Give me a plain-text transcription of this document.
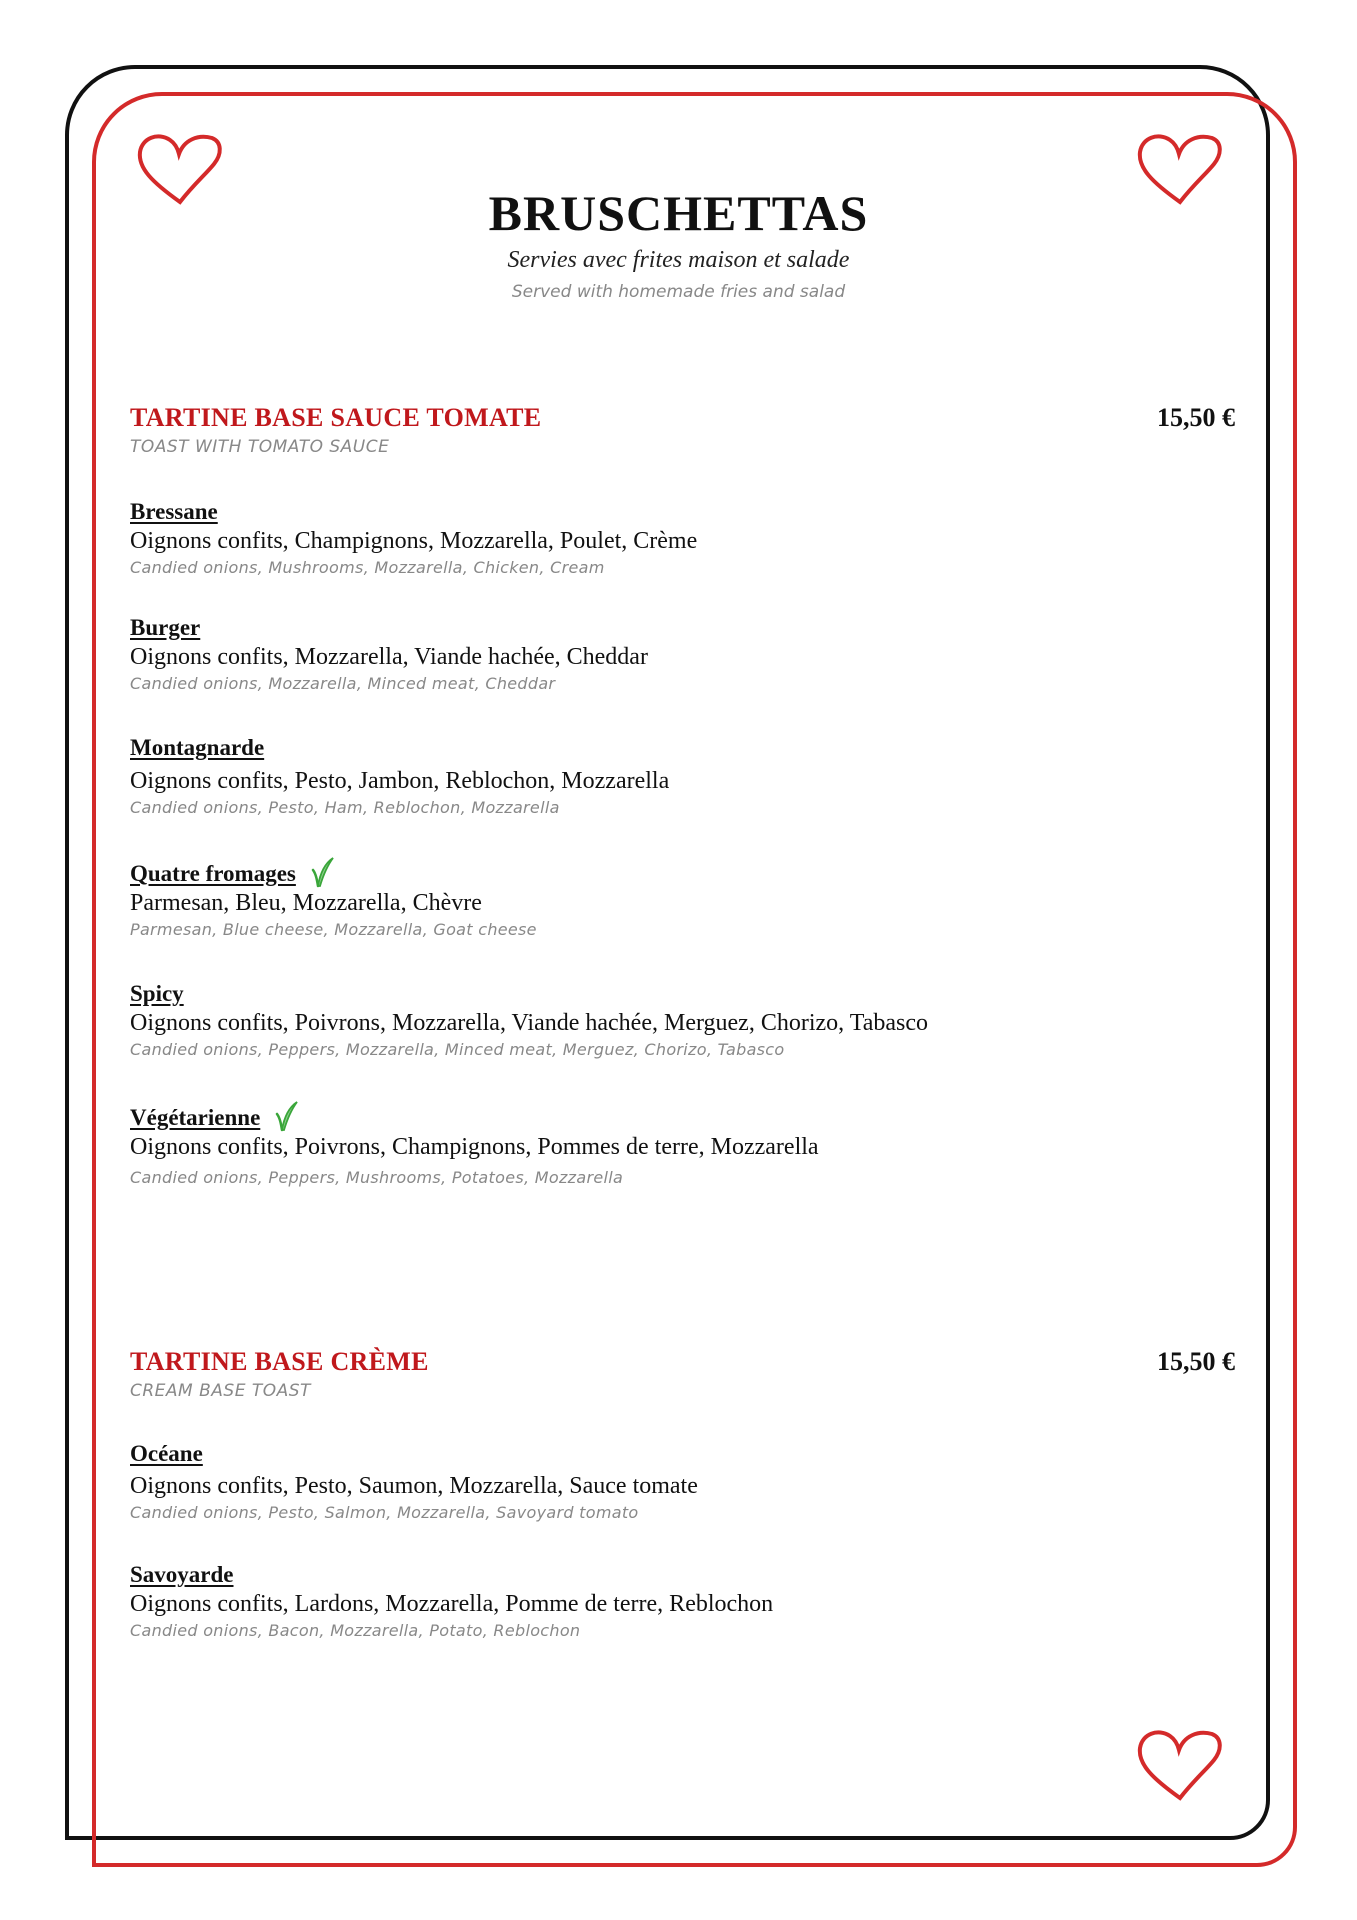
BRUSCHETTAS
Servies avec frites maison et salade
Served with homemade fries and salad
TARTINE BASE SAUCE TOMATE	15,50 €
TOAST WITH TOMATO SAUCE
Bressane
Oignons confits, Champignons, Mozzarella, Poulet, Crème
Candied onions, Mushrooms, Mozzarella, Chicken, Cream
Burger
Oignons confits, Mozzarella, Viande hachée, Cheddar
Candied onions, Mozzarella, Minced meat, Cheddar
Montagnarde
Oignons confits, Pesto, Jambon, Reblochon, Mozzarella
Candied onions, Pesto, Ham, Reblochon, Mozzarella
Quatre fromages
Parmesan, Bleu, Mozzarella, Chèvre
Parmesan, Blue cheese, Mozzarella, Goat cheese
Spicy
Oignons confits, Poivrons, Mozzarella, Viande hachée, Merguez, Chorizo, Tabasco
Candied onions, Peppers, Mozzarella, Minced meat, Merguez, Chorizo, Tabasco
Végétarienne
Oignons confits, Poivrons, Champignons, Pommes de terre, Mozzarella
Candied onions, Peppers, Mushrooms, Potatoes, Mozzarella
TARTINE BASE CRÈME	15,50 €
CREAM BASE TOAST
Océane
Oignons confits, Pesto, Saumon, Mozzarella, Sauce tomate
Candied onions, Pesto, Salmon, Mozzarella, Savoyard tomato
Savoyarde
Oignons confits, Lardons, Mozzarella, Pomme de terre, Reblochon
Candied onions, Bacon, Mozzarella, Potato, Reblochon
